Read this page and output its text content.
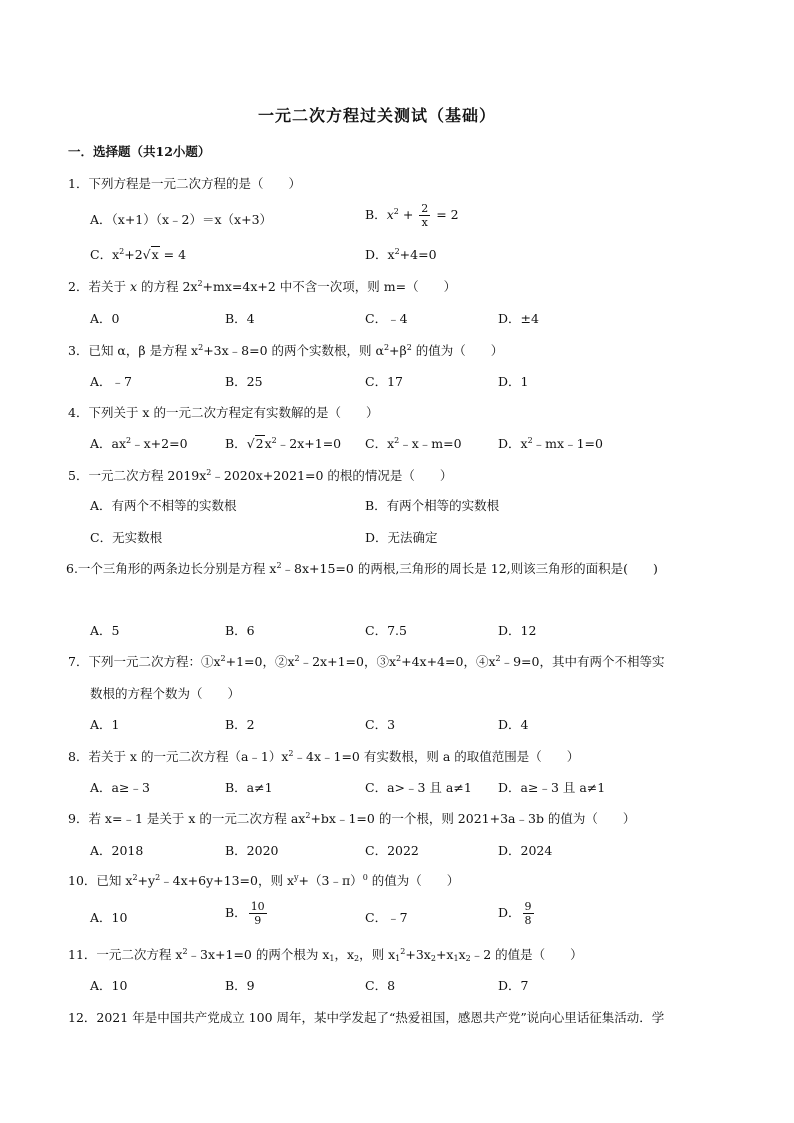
一元二次方程过关测试（基础）
一．选择题（共12小题）
1．下列方程是一元二次方程的是（　　）
A．（x+1）（x﹣2）＝x（x+3）	B．$x^2 + \frac{2}{x} = 2$
C．$x^2+2√x = 4$	D．$x^2+4=0$
2．若关于 x 的方程 $2x^2+mx=4x+2$ 中不含一次项，则 m=（　　）
A．0	B．4	C．﹣4	D．±4
3．已知 α，β 是方程 $x^2+3x﹣8=0$ 的两个实数根，则 $\alpha^2+\beta^2$ 的值为（　　）
A．﹣7	B．25	C．17	D．1
4．下列关于 x 的一元二次方程定有实数解的是（　　）
A．$ax^2﹣x+2=0$	B．$√2x^2﹣2x+1=0$ C．$x^2﹣x﹣m=0$	D．$x^2﹣mx﹣1=0$
5．一元二次方程 $2019x^2﹣2020x+2021=0$ 的根的情况是（　　）
A．有两个不相等的实数根	B．有两个相等的实数根
C．无实数根	D．无法确定
6.一个三角形的两条边长分别是方程 $x^2﹣8x+15=0$ 的两根,三角形的周长是 12,则该三角形的面积是(　　)
A．5	B．6	C．7.5	D．12
7．下列一元二次方程：$①x^2+1=0$，$②x^2﹣2x+1=0$，$③x^2+4x+4=0$，$④x^2﹣9=0$，其中有两个不相等实
数根的方程个数为（　　）
A．1	B．2	C．3	D．4
8．若关于 x 的一元二次方程$(a﹣1)x^2﹣4x﹣1=0$ 有实数根，则 a 的取值范围是（　　）
A．a≥﹣3	B．a≠1	C．a>﹣3 且 a≠1 D．a≥﹣3 且 a≠1
9．若 x=﹣1 是关于 x 的一元二次方程 $ax^2+bx﹣1=0$ 的一个根，则 2021+3a﹣3b 的值为（　　）
A．2018	B．2020	C．2022	D．2024
10．已知 $x^2+y^2﹣4x+6y+13=0$，则 $x^y+(3﹣\pi)^0$ 的值为（　　）
A．10	B． $\frac{10}{9}$	C．﹣7	D． $\frac{9}{8}$
11．一元二次方程 $x^2﹣3x+1=0$ 的两个根为 $x_1$，$x_2$，则 $x_1^2+3x_2+x_1x_2﹣2$ 的值是（　　）
A．10	B．9	C．8	D．7
12．2021 年是中国共产党成立 100 周年，某中学发起了“热爱祖国，感恩共产党”说向心里话征集活动．学
